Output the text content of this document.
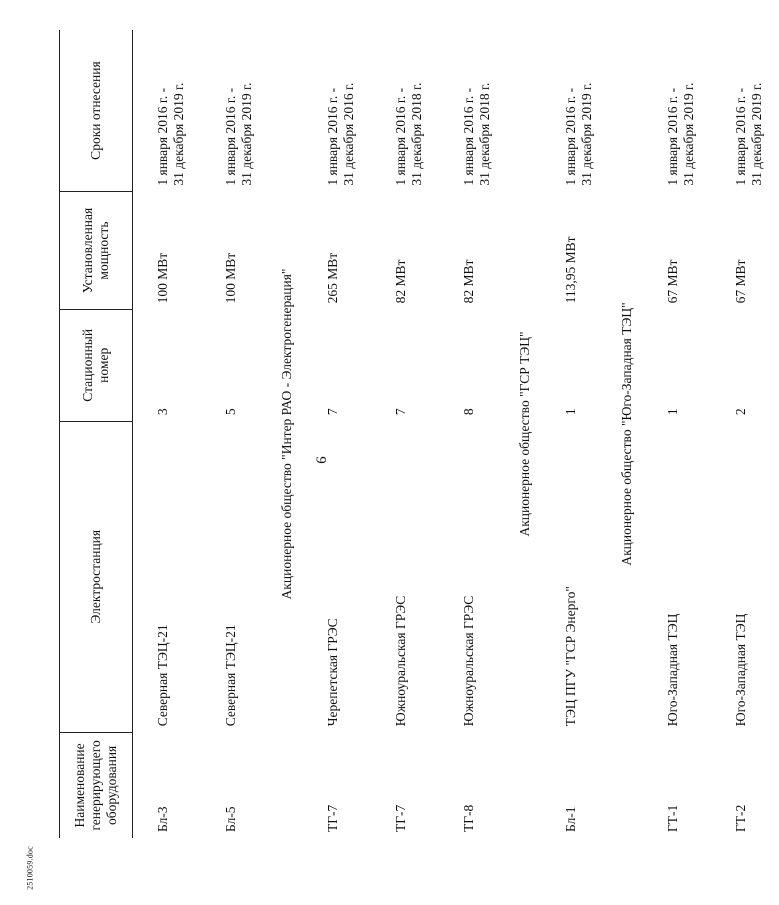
9
2510059.doc
Наименование генерирующего оборудования	Электростанция	Стационный номер	Установленная мощность	Сроки отнесения
Бл-3	Северная ТЭЦ-21	3	100 МВт	1 января 2016 г. - 31 декабря 2019 г.

Бл-5	Северная ТЭЦ-21	5	100 МВт	1 января 2016 г. - 31 декабря 2019 г.

Акционерное общество "Интер РАО - Электрогенерация"				
ТГ-7	Черепетская ГРЭС	7	265 МВт	1 января 2016 г. - 31 декабря 2016 г.

ТГ-7	Южноуральская ГРЭС	7	82 МВт	1 января 2016 г. - 31 декабря 2018 г.

ТГ-8	Южноуральская ГРЭС	8	82 МВт	1 января 2016 г. - 31 декабря 2018 г.

Акционерное общество "ГСР ТЭЦ"				
Бл-1	ТЭЦ ПГУ "ГСР Энерго"	1	113,95 МВт	1 января 2016 г. - 31 декабря 2019 г.

Акционерное общество "Юго-Западная ТЭЦ"				
ГТ-1	Юго-Западная ТЭЦ	1	67 МВт	1 января 2016 г. - 31 декабря 2019 г.

ГТ-2	Юго-Западная ТЭЦ	2	67 МВт	1 января 2016 г. - 31 декабря 2019 г.
